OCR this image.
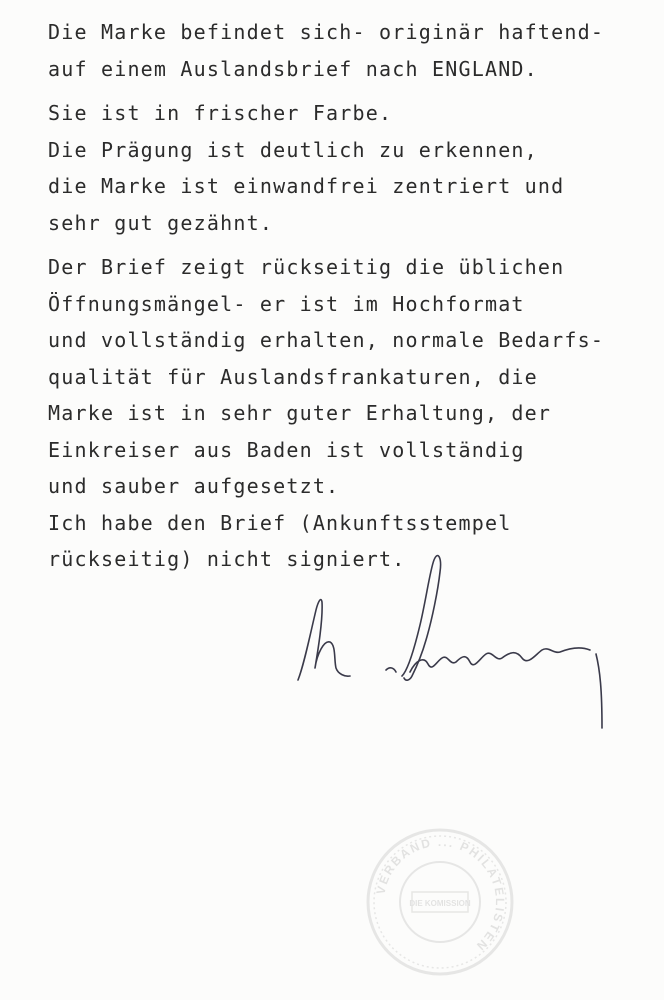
Die Marke befindet sich- originär haftend-
auf einem Auslandsbrief nach ENGLAND.
Sie ist in frischer Farbe.
Die Prägung ist deutlich zu erkennen,
die Marke ist einwandfrei zentriert und
sehr gut gezähnt.
Der Brief zeigt rückseitig die üblichen
Öffnungsmängel- er ist im Hochformat
und vollständig erhalten, normale Bedarfs-
qualität für Auslandsfrankaturen, die
Marke ist in sehr guter Erhaltung, der
Einkreiser aus Baden ist vollständig
und sauber aufgesetzt.
Ich habe den Brief (Ankunftsstempel
rückseitig) nicht signiert.
VERBAND ... PHILATELISTEN
DIE KOMISSION
